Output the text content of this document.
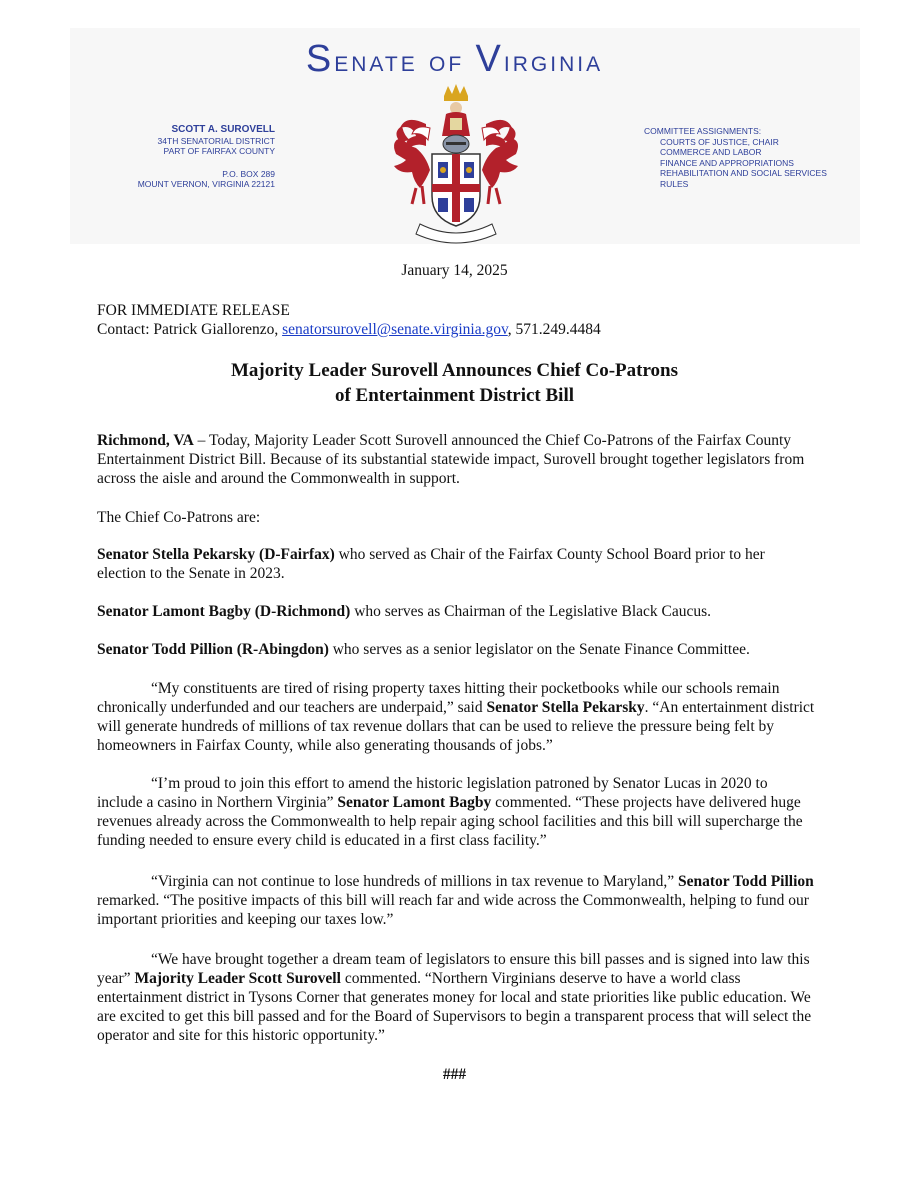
Senate of Virginia
SCOTT A. SUROVELL
34TH SENATORIAL DISTRICT
PART OF FAIRFAX COUNTY
P.O. BOX 289
MOUNT VERNON, VIRGINIA 22121
COMMITTEE ASSIGNMENTS:
COURTS OF JUSTICE, CHAIR
COMMERCE AND LABOR
FINANCE AND APPROPRIATIONS
REHABILITATION AND SOCIAL SERVICES
RULES
January 14, 2025
FOR IMMEDIATE RELEASE
Contact: Patrick Giallorenzo, senatorsurovell@senate.virginia.gov, 571.249.4484
Majority Leader Surovell Announces Chief Co-Patrons
of Entertainment District Bill
Richmond, VA – Today, Majority Leader Scott Surovell announced the Chief Co-Patrons of the Fairfax County Entertainment District Bill. Because of its substantial statewide impact, Surovell brought together legislators from across the aisle and around the Commonwealth in support.
The Chief Co-Patrons are:
Senator Stella Pekarsky (D-Fairfax) who served as Chair of the Fairfax County School Board prior to her election to the Senate in 2023.
Senator Lamont Bagby (D-Richmond) who serves as Chairman of the Legislative Black Caucus.
Senator Todd Pillion (R-Abingdon) who serves as a senior legislator on the Senate Finance Committee.
“My constituents are tired of rising property taxes hitting their pocketbooks while our schools remain chronically underfunded and our teachers are underpaid,” said Senator Stella Pekarsky. “An entertainment district will generate hundreds of millions of tax revenue dollars that can be used to relieve the pressure being felt by homeowners in Fairfax County, while also generating thousands of jobs.”
“I’m proud to join this effort to amend the historic legislation patroned by Senator Lucas in 2020 to include a casino in Northern Virginia” Senator Lamont Bagby commented. “These projects have delivered huge revenues already across the Commonwealth to help repair aging school facilities and this bill will supercharge the funding needed to ensure every child is educated in a first class facility.”
“Virginia can not continue to lose hundreds of millions in tax revenue to Maryland,” Senator Todd Pillion remarked. “The positive impacts of this bill will reach far and wide across the Commonwealth, helping to fund our important priorities and keeping our taxes low.”
“We have brought together a dream team of legislators to ensure this bill passes and is signed into law this year” Majority Leader Scott Surovell commented. “Northern Virginians deserve to have a world class entertainment district in Tysons Corner that generates money for local and state priorities like public education. We are excited to get this bill passed and for the Board of Supervisors to begin a transparent process that will select the operator and site for this historic opportunity.”
###
